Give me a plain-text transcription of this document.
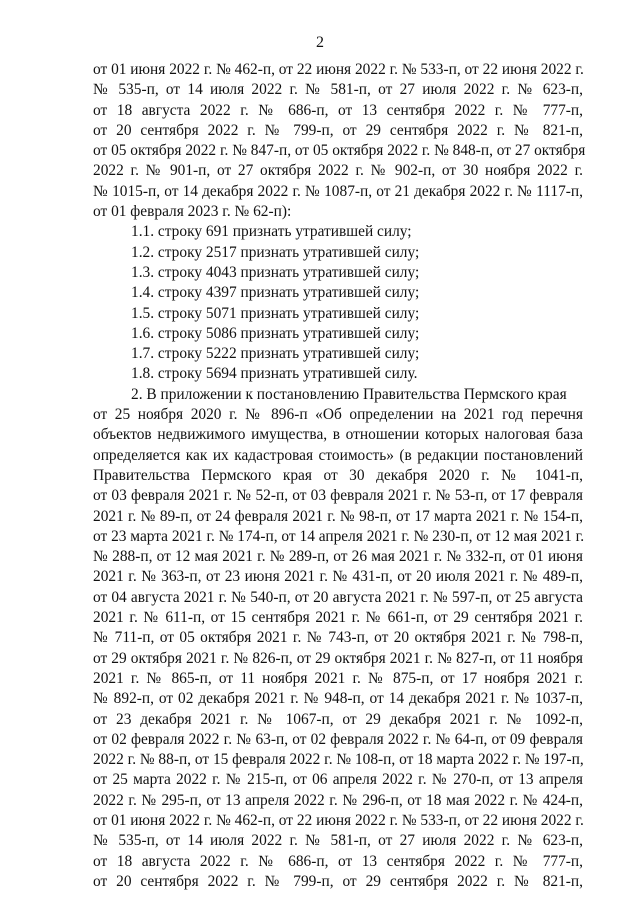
2
от 01 июня 2022 г. № 462-п, от 22 июня 2022 г. № 533-п, от 22 июня 2022 г.
№ 535-п, от 14 июля 2022 г. № 581-п, от 27 июля 2022 г. № 623-п,
от 18 августа 2022 г. № 686-п, от 13 сентября 2022 г. № 777-п,
от 20 сентября 2022 г. № 799-п, от 29 сентября 2022 г. № 821-п,
от 05 октября 2022 г. № 847-п, от 05 октября 2022 г. № 848-п, от 27 октября
2022 г. № 901-п, от 27 октября 2022 г. № 902-п, от 30 ноября 2022 г.
№ 1015-п, от 14 декабря 2022 г. № 1087-п, от 21 декабря 2022 г. № 1117-п,
от 01 февраля 2023 г. № 62-п):
1.1. строку 691 признать утратившей силу;
1.2. строку 2517 признать утратившей силу;
1.3. строку 4043 признать утратившей силу;
1.4. строку 4397 признать утратившей силу;
1.5. строку 5071 признать утратившей силу;
1.6. строку 5086 признать утратившей силу;
1.7. строку 5222 признать утратившей силу;
1.8. строку 5694 признать утратившей силу.
2. В приложении к постановлению Правительства Пермского края
от 25 ноября 2020 г. № 896-п «Об определении на 2021 год перечня
объектов недвижимого имущества, в отношении которых налоговая база
определяется как их кадастровая стоимость» (в редакции постановлений
Правительства Пермского края от 30 декабря 2020 г. № 1041-п,
от 03 февраля 2021 г. № 52-п, от 03 февраля 2021 г. № 53-п, от 17 февраля
2021 г. № 89-п, от 24 февраля 2021 г. № 98-п, от 17 марта 2021 г. № 154-п,
от 23 марта 2021 г. № 174-п, от 14 апреля 2021 г. № 230-п, от 12 мая 2021 г.
№ 288-п, от 12 мая 2021 г. № 289-п, от 26 мая 2021 г. № 332-п, от 01 июня
2021 г. № 363-п, от 23 июня 2021 г. № 431-п, от 20 июля 2021 г. № 489-п,
от 04 августа 2021 г. № 540-п, от 20 августа 2021 г. № 597-п, от 25 августа
2021 г. № 611-п, от 15 сентября 2021 г. № 661-п, от 29 сентября 2021 г.
№ 711-п, от 05 октября 2021 г. № 743-п, от 20 октября 2021 г. № 798-п,
от 29 октября 2021 г. № 826-п, от 29 октября 2021 г. № 827-п, от 11 ноября
2021 г. № 865-п, от 11 ноября 2021 г. № 875-п, от 17 ноября 2021 г.
№ 892-п, от 02 декабря 2021 г. № 948-п, от 14 декабря 2021 г. № 1037-п,
от 23 декабря 2021 г. № 1067-п, от 29 декабря 2021 г. № 1092-п,
от 02 февраля 2022 г. № 63-п, от 02 февраля 2022 г. № 64-п, от 09 февраля
2022 г. № 88-п, от 15 февраля 2022 г. № 108-п, от 18 марта 2022 г. № 197-п,
от 25 марта 2022 г. № 215-п, от 06 апреля 2022 г. № 270-п, от 13 апреля
2022 г. № 295-п, от 13 апреля 2022 г. № 296-п, от 18 мая 2022 г. № 424-п,
от 01 июня 2022 г. № 462-п, от 22 июня 2022 г. № 533-п, от 22 июня 2022 г.
№ 535-п, от 14 июля 2022 г. № 581-п, от 27 июля 2022 г. № 623-п,
от 18 августа 2022 г. № 686-п, от 13 сентября 2022 г. № 777-п,
от 20 сентября 2022 г. № 799-п, от 29 сентября 2022 г. № 821-п,
